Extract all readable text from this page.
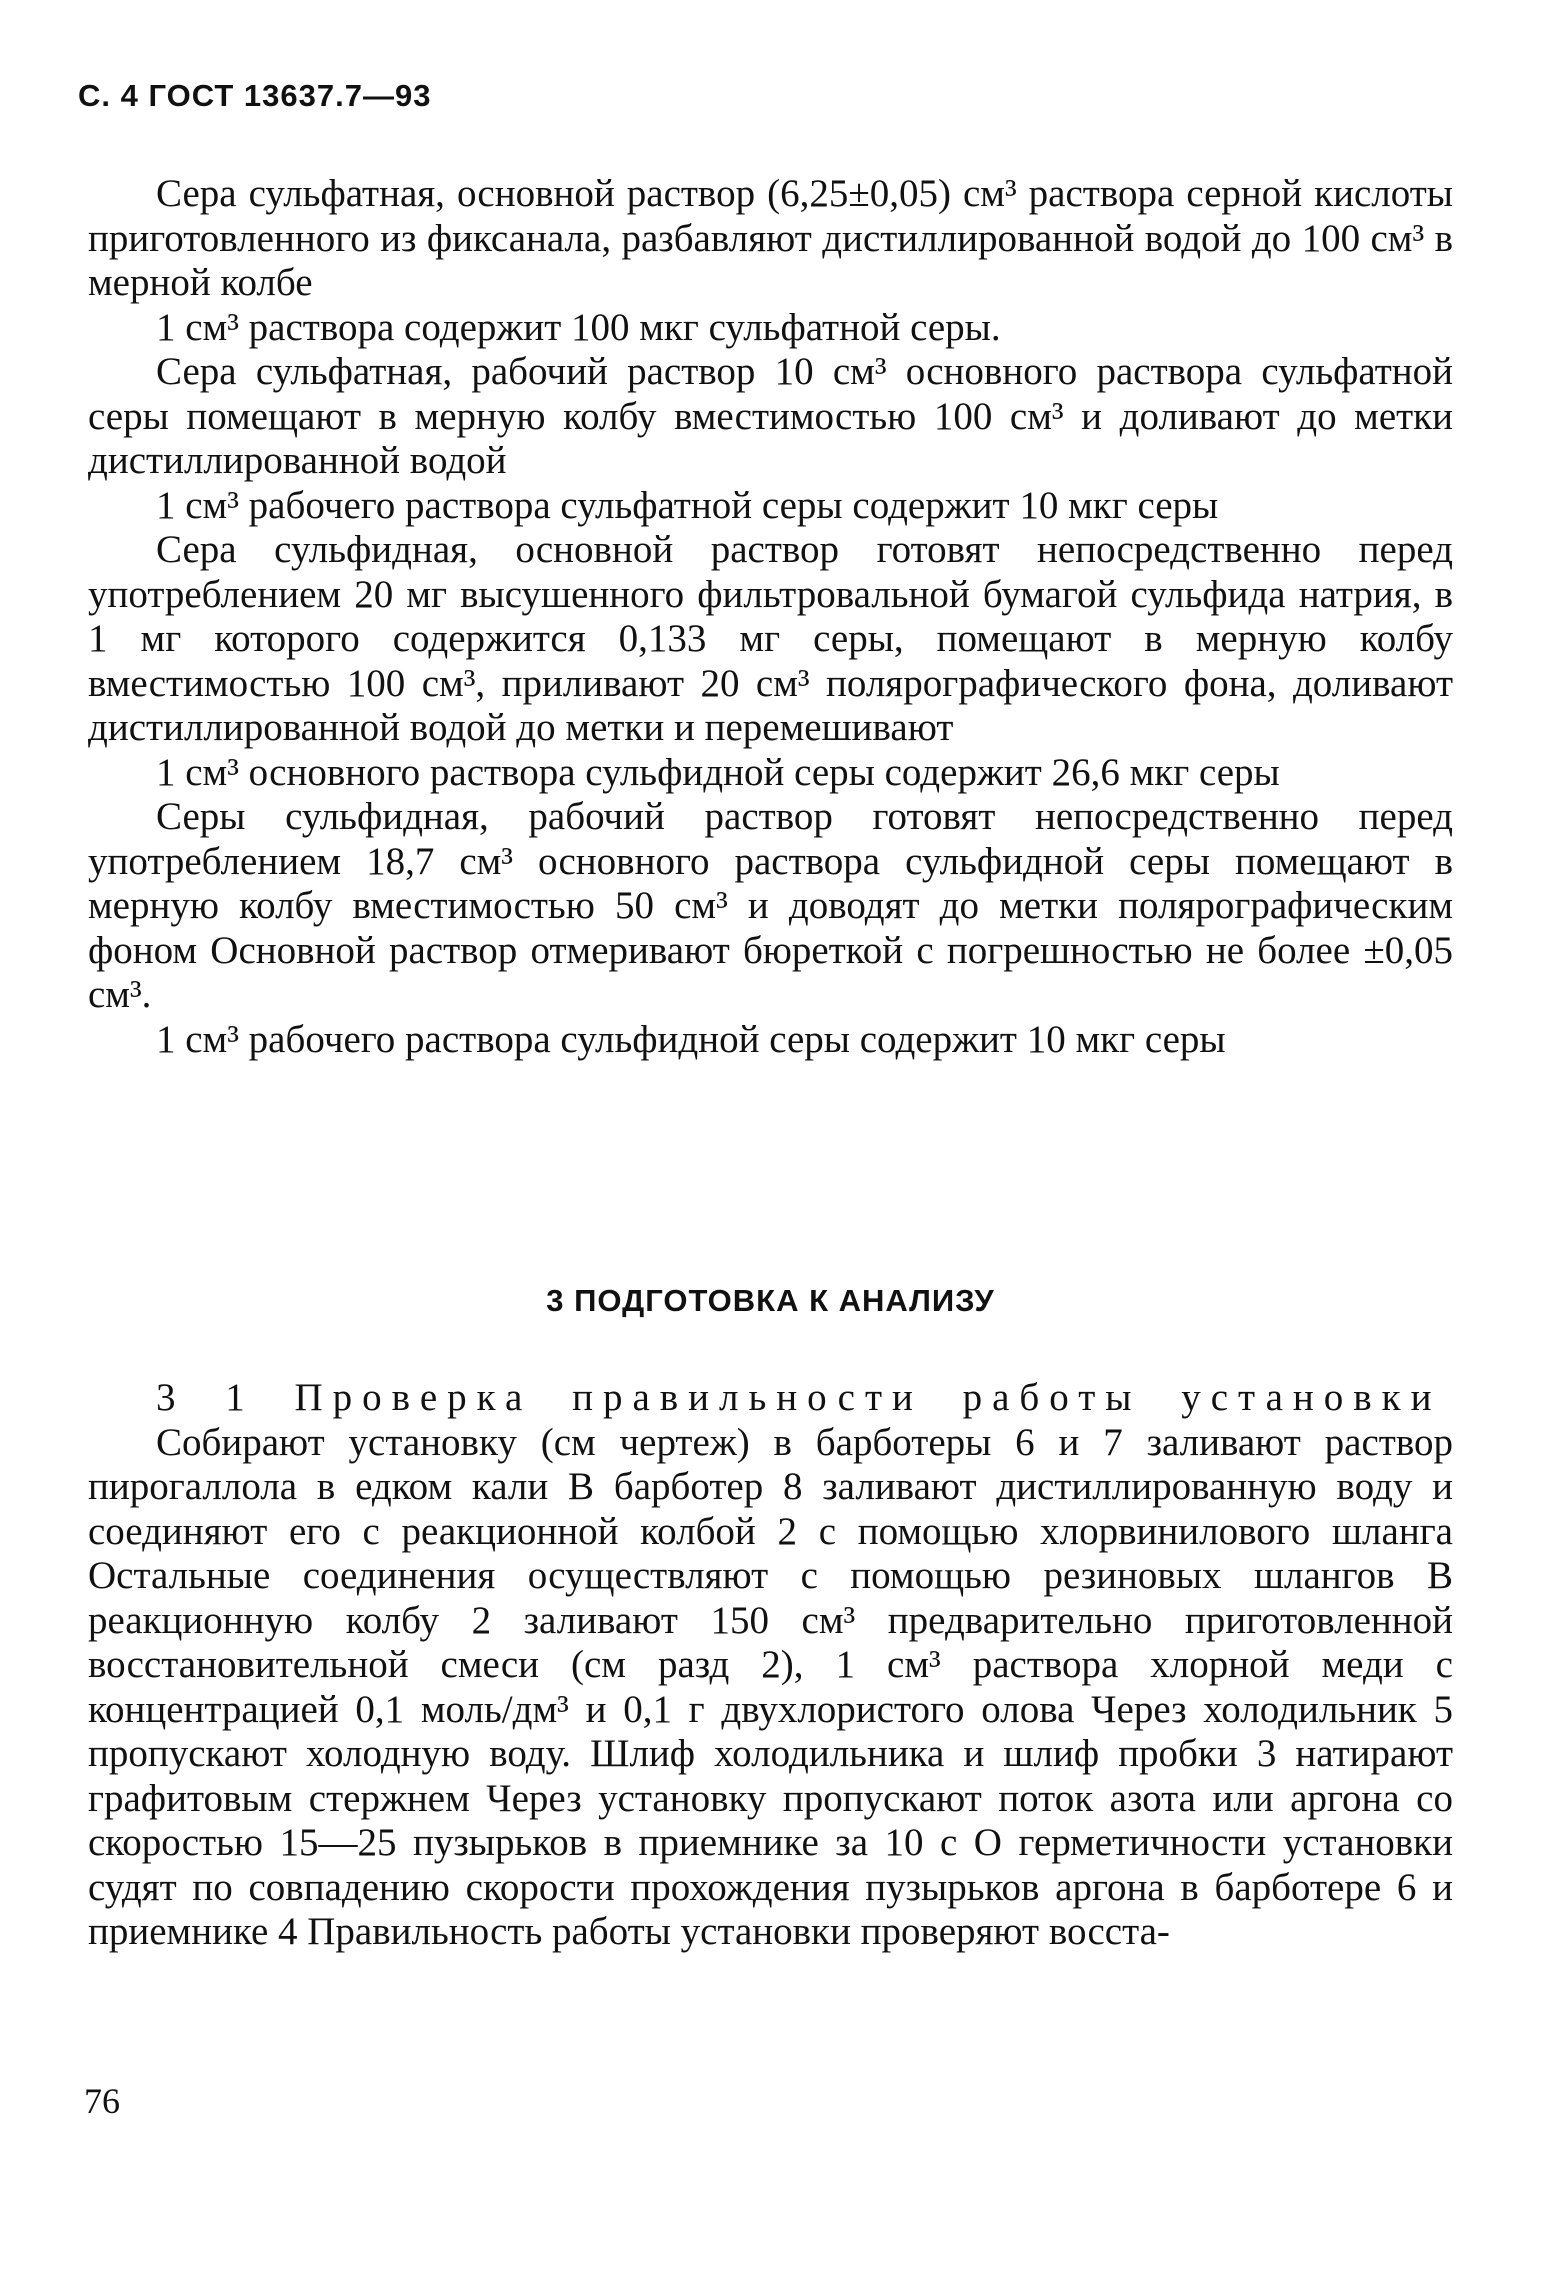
С. 4 ГОСТ 13637.7—93

Сера сульфатная, основной раствор (6,25±0,05) см³ раствора серной кислоты приготовленного из фиксанала, разбавляют дистиллированной водой до 100 см³ в мерной колбе

1 см³ раствора содержит 100 мкг сульфатной серы.

Сера сульфатная, рабочий раствор 10 см³ основного раствора сульфатной серы помещают в мерную колбу вместимостью 100 см³ и доливают до метки дистиллированной водой

1 см³ рабочего раствора сульфатной серы содержит 10 мкг серы

Сера сульфидная, основной раствор готовят непосредственно перед употреблением 20 мг высушенного фильтровальной бумагой сульфида натрия, в 1 мг которого содержится 0,133 мг серы, помещают в мерную колбу вместимостью 100 см³, приливают 20 см³ полярографического фона, доливают дистиллированной водой до метки и перемешивают

1 см³ основного раствора сульфидной серы содержит 26,6 мкг серы

Серы сульфидная, рабочий раствор готовят непосредственно перед употреблением 18,7 см³ основного раствора сульфидной серы помещают в мерную колбу вместимостью 50 см³ и доводят до метки полярографическим фоном Основной раствор отмеривают бюреткой с погрешностью не более ±0,05 см³.

1 см³ рабочего раствора сульфидной серы содержит 10 мкг серы

3 ПОДГОТОВКА К АНАЛИЗУ

3 1 Проверка правильности работы установки

Собирают установку (см чертеж) в барботеры 6 и 7 заливают раствор пирогаллола в едком кали В барботер 8 заливают дистиллированную воду и соединяют его с реакционной колбой 2 с помощью хлорвинилового шланга Остальные соединения осуществляют с помощью резиновых шлангов В реакционную колбу 2 заливают 150 см³ предварительно приготовленной восстановительной смеси (см разд 2), 1 см³ раствора хлорной меди с концентрацией 0,1 моль/дм³ и 0,1 г двухлористого олова Через холодильник 5 пропускают холодную воду. Шлиф холодильника и шлиф пробки 3 натирают графитовым стержнем Через установку пропускают поток азота или аргона со скоростью 15—25 пузырьков в приемнике за 10 с О герметичности установки судят по совпадению скорости прохождения пузырьков аргона в барботере 6 и приемнике 4 Правильность работы установки проверяют восста-

76
